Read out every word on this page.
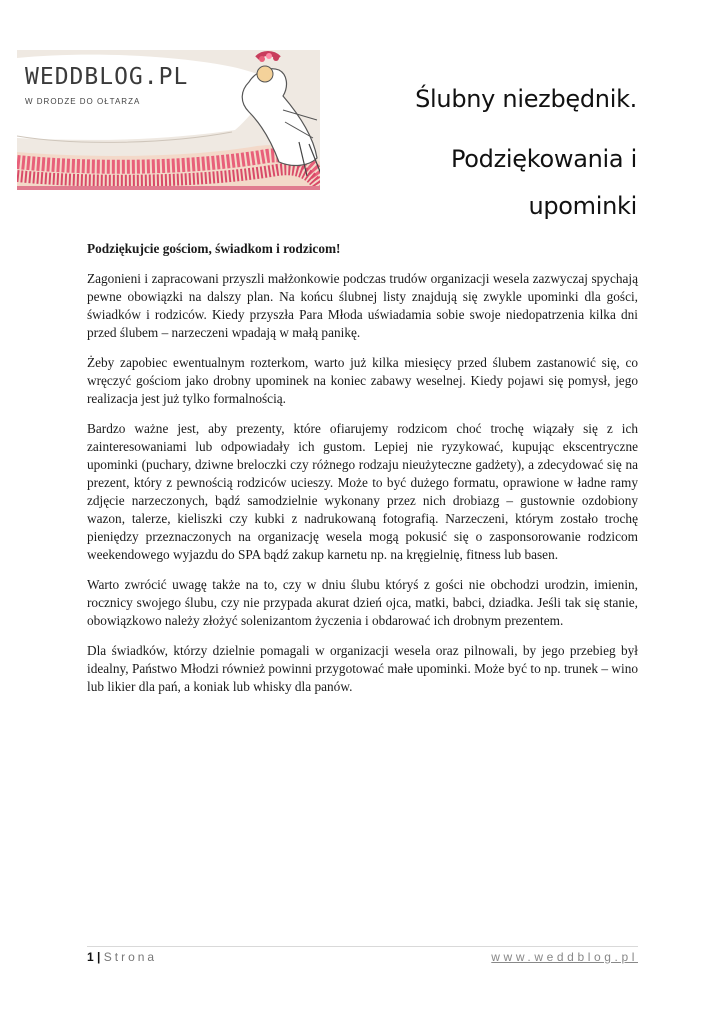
WEDDBLOG.PL
W DRODZE DO OŁTARZA	Ślubny niezbędnik.
Podziękowania i
upominki

Podziękujcie gościom, świadkom i rodzicom!

Zagonieni i zapracowani przyszli małżonkowie podczas trudów organizacji wesela zazwyczaj spychają pewne obowiązki na dalszy plan. Na końcu ślubnej listy znajdują się zwykle upominki dla gości, świadków i rodziców. Kiedy przyszła Para Młoda uświadamia sobie swoje niedopatrzenia kilka dni przed ślubem – narzeczeni wpadają w małą panikę.

Żeby zapobiec ewentualnym rozterkom, warto już kilka miesięcy przed ślubem zastanowić się, co wręczyć gościom jako drobny upominek na koniec zabawy weselnej. Kiedy pojawi się pomysł, jego realizacja jest już tylko formalnością.

Bardzo ważne jest, aby prezenty, które ofiarujemy rodzicom choć trochę wiązały się z ich zainteresowaniami lub odpowiadały ich gustom. Lepiej nie ryzykować, kupując ekscentryczne upominki (puchary, dziwne breloczki czy różnego rodzaju nieużyteczne gadżety), a zdecydować się na prezent, który z pewnością rodziców ucieszy. Może to być dużego formatu, oprawione w ładne ramy zdjęcie narzeczonych, bądź samodzielnie wykonany przez nich drobiazg – gustownie ozdobiony wazon, talerze, kieliszki czy kubki z nadrukowaną fotografią. Narzeczeni, którym zostało trochę pieniędzy przeznaczonych na organizację wesela mogą pokusić się o zasponsorowanie rodzicom weekendowego wyjazdu do SPA bądź zakup karnetu np. na kręgielnię, fitness lub basen.

Warto zwrócić uwagę także na to, czy w dniu ślubu któryś z gości nie obchodzi urodzin, imienin, rocznicy swojego ślubu, czy nie przypada akurat dzień ojca, matki, babci, dziadka. Jeśli tak się stanie, obowiązkowo należy złożyć solenizantom życzenia i obdarować ich drobnym prezentem.

Dla świadków, którzy dzielnie pomagali w organizacji wesela oraz pilnowali, by jego przebieg był idealny, Państwo Młodzi również powinni przygotować małe upominki. Może być to np. trunek – wino lub likier dla pań, a koniak lub whisky dla panów.

1 | Strona	www.weddblog.pl
